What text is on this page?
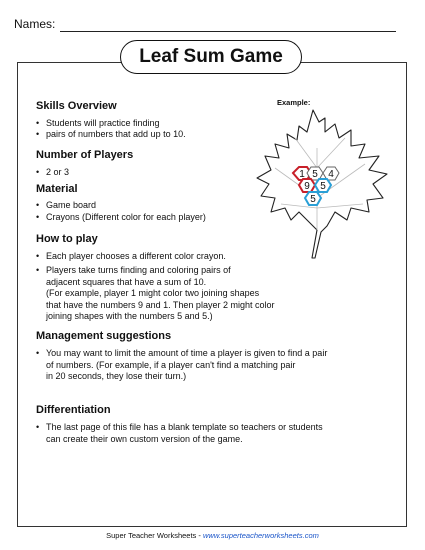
Names:
Leaf Sum Game

Skills Overview

• Students will practice finding

• pairs of numbers that add up to 10.

Number of Players

• 2 or 3

Material

• Game board

• Crayons (Different color for each player)

How to play

• Each player chooses a different color crayon.

• Players take turns finding and coloring pairs of
adjacent squares that have a sum of 10.
(For example, player 1 might color two joining shapes
that have the numbers 9 and 1. Then player 2 might color
joining shapes with the numbers 5 and 5.)

Management suggestions

• You may want to limit the amount of time a player is given to find a pair
of numbers. (For example, if a player can't find a matching pair
in 20 seconds, they lose their turn.)

Differentiation

• The last page of this file has a blank template so teachers or students
can create their own custom version of the game.
Example:
1 5 4
9 5
5
Super Teacher Worksheets - www.superteacherworksheets.com
